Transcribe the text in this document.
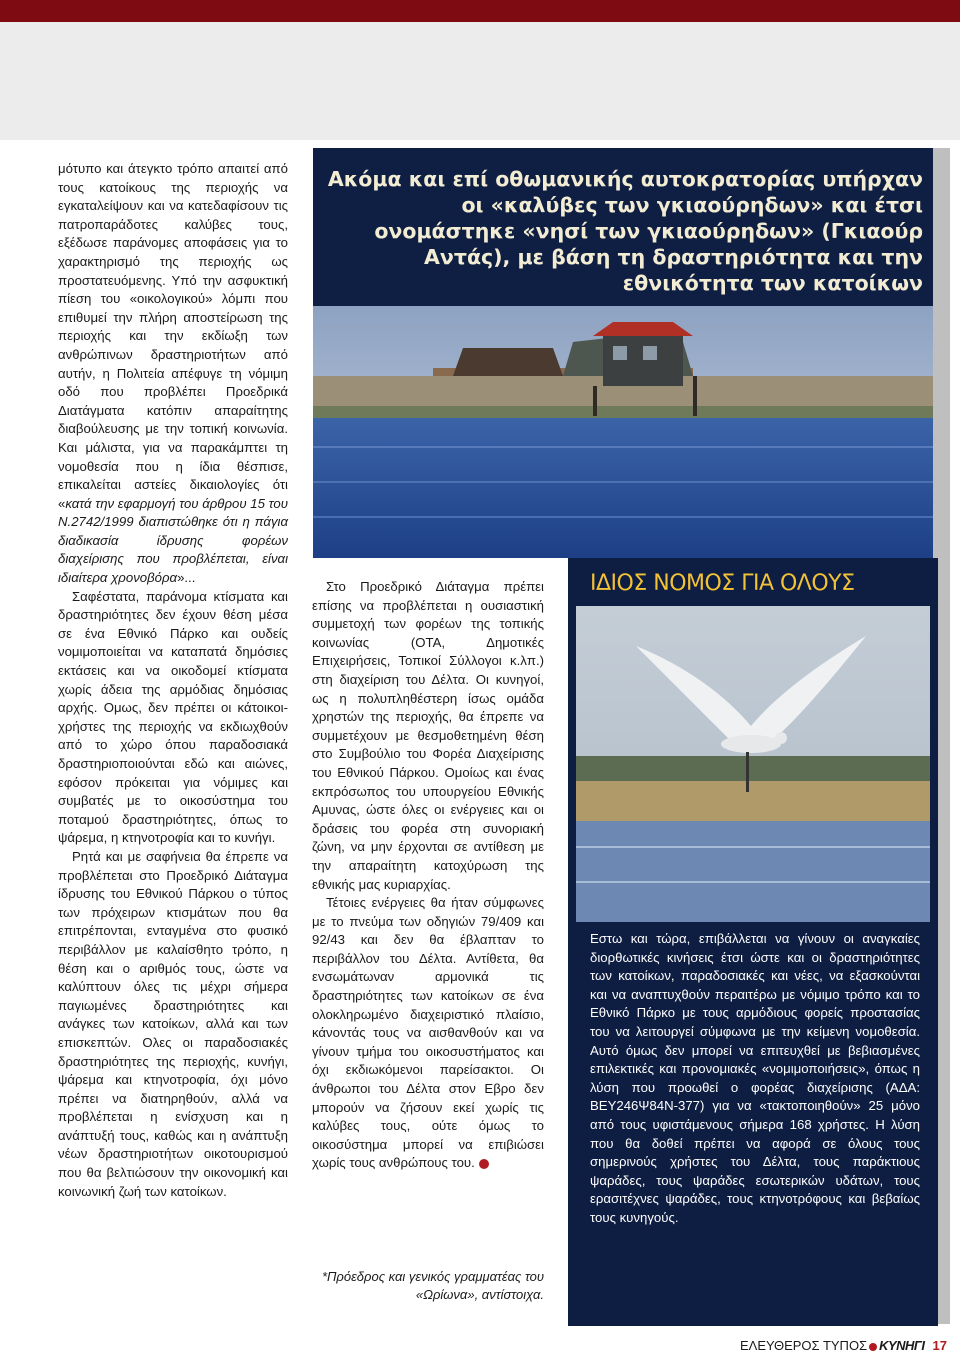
μότυπο και άτεγκτο τρόπο απαιτεί από τους κατοίκους της περιοχής να εγκαταλείψουν και να κατεδαφίσουν τις πατροπαράδοτες καλύβες τους, εξέδωσε παράνομες αποφάσεις για το χαρακτηρισμό της περιοχής ως προστατευόμενης. Υπό την ασφυκτική πίεση του «οικολογικού» λόμπι που επιθυμεί την πλήρη αποστείρωση της περιοχής και την εκδίωξη των ανθρώπινων δραστηριοτήτων από αυτήν, η Πολιτεία απέφυγε τη νόμιμη οδό που προβλέπει Προεδρικά Διατάγματα κατόπιν απαραίτητης διαβούλευσης με την τοπική κοινωνία. Και μάλιστα, για να παρακάμπτει τη νομοθεσία που η ίδια θέσπισε, επικαλείται αστείες δικαιολογίες ότι «κατά την εφαρμογή του άρθρου 15 του Ν.2742/1999 διαπιστώθηκε ότι η πάγια διαδικασία ίδρυσης φορέων διαχείρισης που προβλέπεται, είναι ιδιαίτερα χρονοβόρα»...

Σαφέστατα, παράνομα κτίσματα και δραστηριότητες δεν έχουν θέση μέσα σε ένα Εθνικό Πάρκο και ουδείς νομιμοποιείται να καταπατά δημόσιες εκτάσεις και να οικοδομεί κτίσματα χωρίς άδεια της αρμόδιας δημόσιας αρχής. Ομως, δεν πρέπει οι κάτοικοι-χρήστες της περιοχής να εκδιωχθούν από το χώρο όπου παραδοσιακά δραστηριοποιούνται εδώ και αιώνες, εφόσον πρόκειται για νόμιμες και συμβατές με το οικοσύστημα του ποταμού δραστηριότητες, όπως το ψάρεμα, η κτηνοτροφία και το κυνήγι.

Ρητά και με σαφήνεια θα έπρεπε να προβλέπεται στο Προεδρικό Διάταγμα ίδρυσης του Εθνικού Πάρκου ο τύπος των πρόχειρων κτισμάτων που θα επιτρέπονται, ενταγμένα στο φυσικό περιβάλλον με καλαίσθητο τρόπο, η θέση και ο αριθμός τους, ώστε να καλύπτουν όλες τις μέχρι σήμερα παγιωμένες δραστηριότητες και ανάγκες των κατοίκων, αλλά και των επισκεπτών. Ολες οι παραδοσιακές δραστηριότητες της περιοχής, κυνήγι, ψάρεμα και κτηνοτροφία, όχι μόνο πρέπει να διατηρηθούν, αλλά να προβλέπεται η ενίσχυση και η ανάπτυξή τους, καθώς και η ανάπτυξη νέων δραστηριοτήτων οικοτουρισμού που θα βελτιώσουν την οικονομική και κοινωνική ζωή των κατοίκων.

Ακόμα και επί οθωμανικής αυτοκρατορίας υπήρχαν οι «καλύβες των γκιαούρηδων» και έτσι ονομάστηκε «νησί των γκιαούρηδων» (Γκιαούρ Αντάς), με βάση τη δραστηριότητα και την εθνικότητα των κατοίκων

Στο Προεδρικό Διάταγμα πρέπει επίσης να προβλέπεται η ουσιαστική συμμετοχή των φορέων της τοπικής κοινωνίας (ΟΤΑ, Δημοτικές Επιχειρήσεις, Τοπικοί Σύλλογοι κ.λπ.) στη διαχείριση του Δέλτα. Οι κυνηγοί, ως η πολυπληθέστερη ίσως ομάδα χρηστών της περιοχής, θα έπρεπε να συμμετέχουν με θεσμοθετημένη θέση στο Συμβούλιο του Φορέα Διαχείρισης του Εθνικού Πάρκου. Ομοίως και ένας εκπρόσωπος του υπουργείου Εθνικής Αμυνας, ώστε όλες οι ενέργειες και οι δράσεις του φορέα στη συνοριακή ζώνη, να μην έρχονται σε αντίθεση με την απαραίτητη κατοχύρωση της εθνικής μας κυριαρχίας.

Τέτοιες ενέργειες θα ήταν σύμφωνες με το πνεύμα των οδηγιών 79/409 και 92/43 και δεν θα έβλαπταν το περιβάλλον του Δέλτα. Αντίθετα, θα ενσωμάτωναν αρμονικά τις δραστηριότητες των κατοίκων σε ένα ολοκληρωμένο διαχειριστικό πλαίσιο, κάνοντάς τους να αισθανθούν και να γίνουν τμήμα του οικοσυστήματος και όχι εκδιωκόμενοι παρείσακτοι. Οι άνθρωποι του Δέλτα στον Εβρο δεν μπορούν να ζήσουν εκεί χωρίς τις καλύβες τους, ούτε όμως το οικοσύστημα μπορεί να επιβιώσει χωρίς τους ανθρώπους του.

*Πρόεδρος και γενικός γραμματέας του «Ωρίωνα», αντίστοιχα.
ΙΔΙΟΣ ΝΟΜΟΣ ΓΙΑ ΟΛΟΥΣ

Εστω και τώρα, επιβάλλεται να γίνουν οι αναγκαίες διορθωτικές κινήσεις έτσι ώστε και οι δραστηριότητες των κατοίκων, παραδοσιακές και νέες, να εξασκούνται και να αναπτυχθούν περαιτέρω με νόμιμο τρόπο και το Εθνικό Πάρκο με τους αρμόδιους φορείς προστασίας του να λειτουργεί σύμφωνα με την κείμενη νομοθεσία. Αυτό όμως δεν μπορεί να επιτευχθεί με βεβιασμένες επιλεκτικές και προνομιακές «νομιμοποιήσεις», όπως η λύση που προωθεί ο φορέας διαχείρισης (ΑΔΑ: ΒΕΥ246Ψ84Ν-377) για να «τακτοποιηθούν» 25 μόνο από τους υφιστάμενους σήμερα 168 χρήστες. Η λύση που θα δοθεί πρέπει να αφορά σε όλους τους σημερινούς χρήστες του Δέλτα, τους παράκτιους ψαράδες, τους ψαράδες εσωτερικών υδάτων, τους ερασιτέχνες ψαράδες, τους κτηνοτρόφους και βεβαίως τους κυνηγούς.

ΕΛΕΥΘΕΡΟΣ ΤΥΠΟΣ ΚΥΝΗΓΙ 17
